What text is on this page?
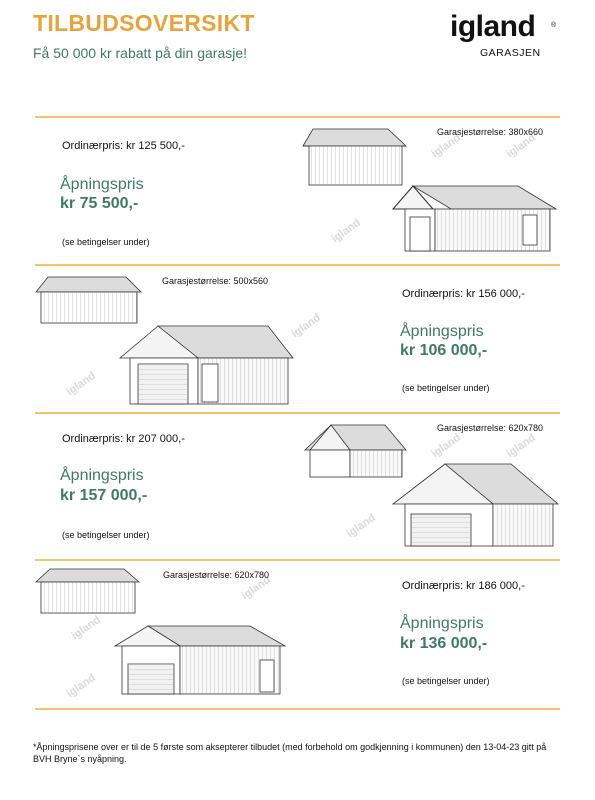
TILBUDSOVERSIKT
Få 50 000 kr rabatt på din garasje!
igland ®
GARASJEN
igland	igland
igland
igland
igland
igland	igland
igland
igland
igland
igland
Ordinærpris: kr 125 500,-
Åpningspris
kr 75 500,-
(se betingelser under)
Garasjestørrelse: 380x660
Garasjestørrelse: 500x560
Ordinærpris: kr 156 000,-
Åpningspris
kr 106 000,-
(se betingelser under)
Ordinærpris: kr 207 000,-
Åpningspris
kr 157 000,-
(se betingelser under)
Garasjestørrelse: 620x780
Garasjestørrelse: 620x780
Ordinærpris: kr 186 000,-
Åpningspris
kr 136 000,-
(se betingelser under)
*Åpningsprisene over er til de 5 første som aksepterer tilbudet (med forbehold om godkjenning i kommunen) den 13-04-23 gitt på BVH Bryne`s nyåpning.
